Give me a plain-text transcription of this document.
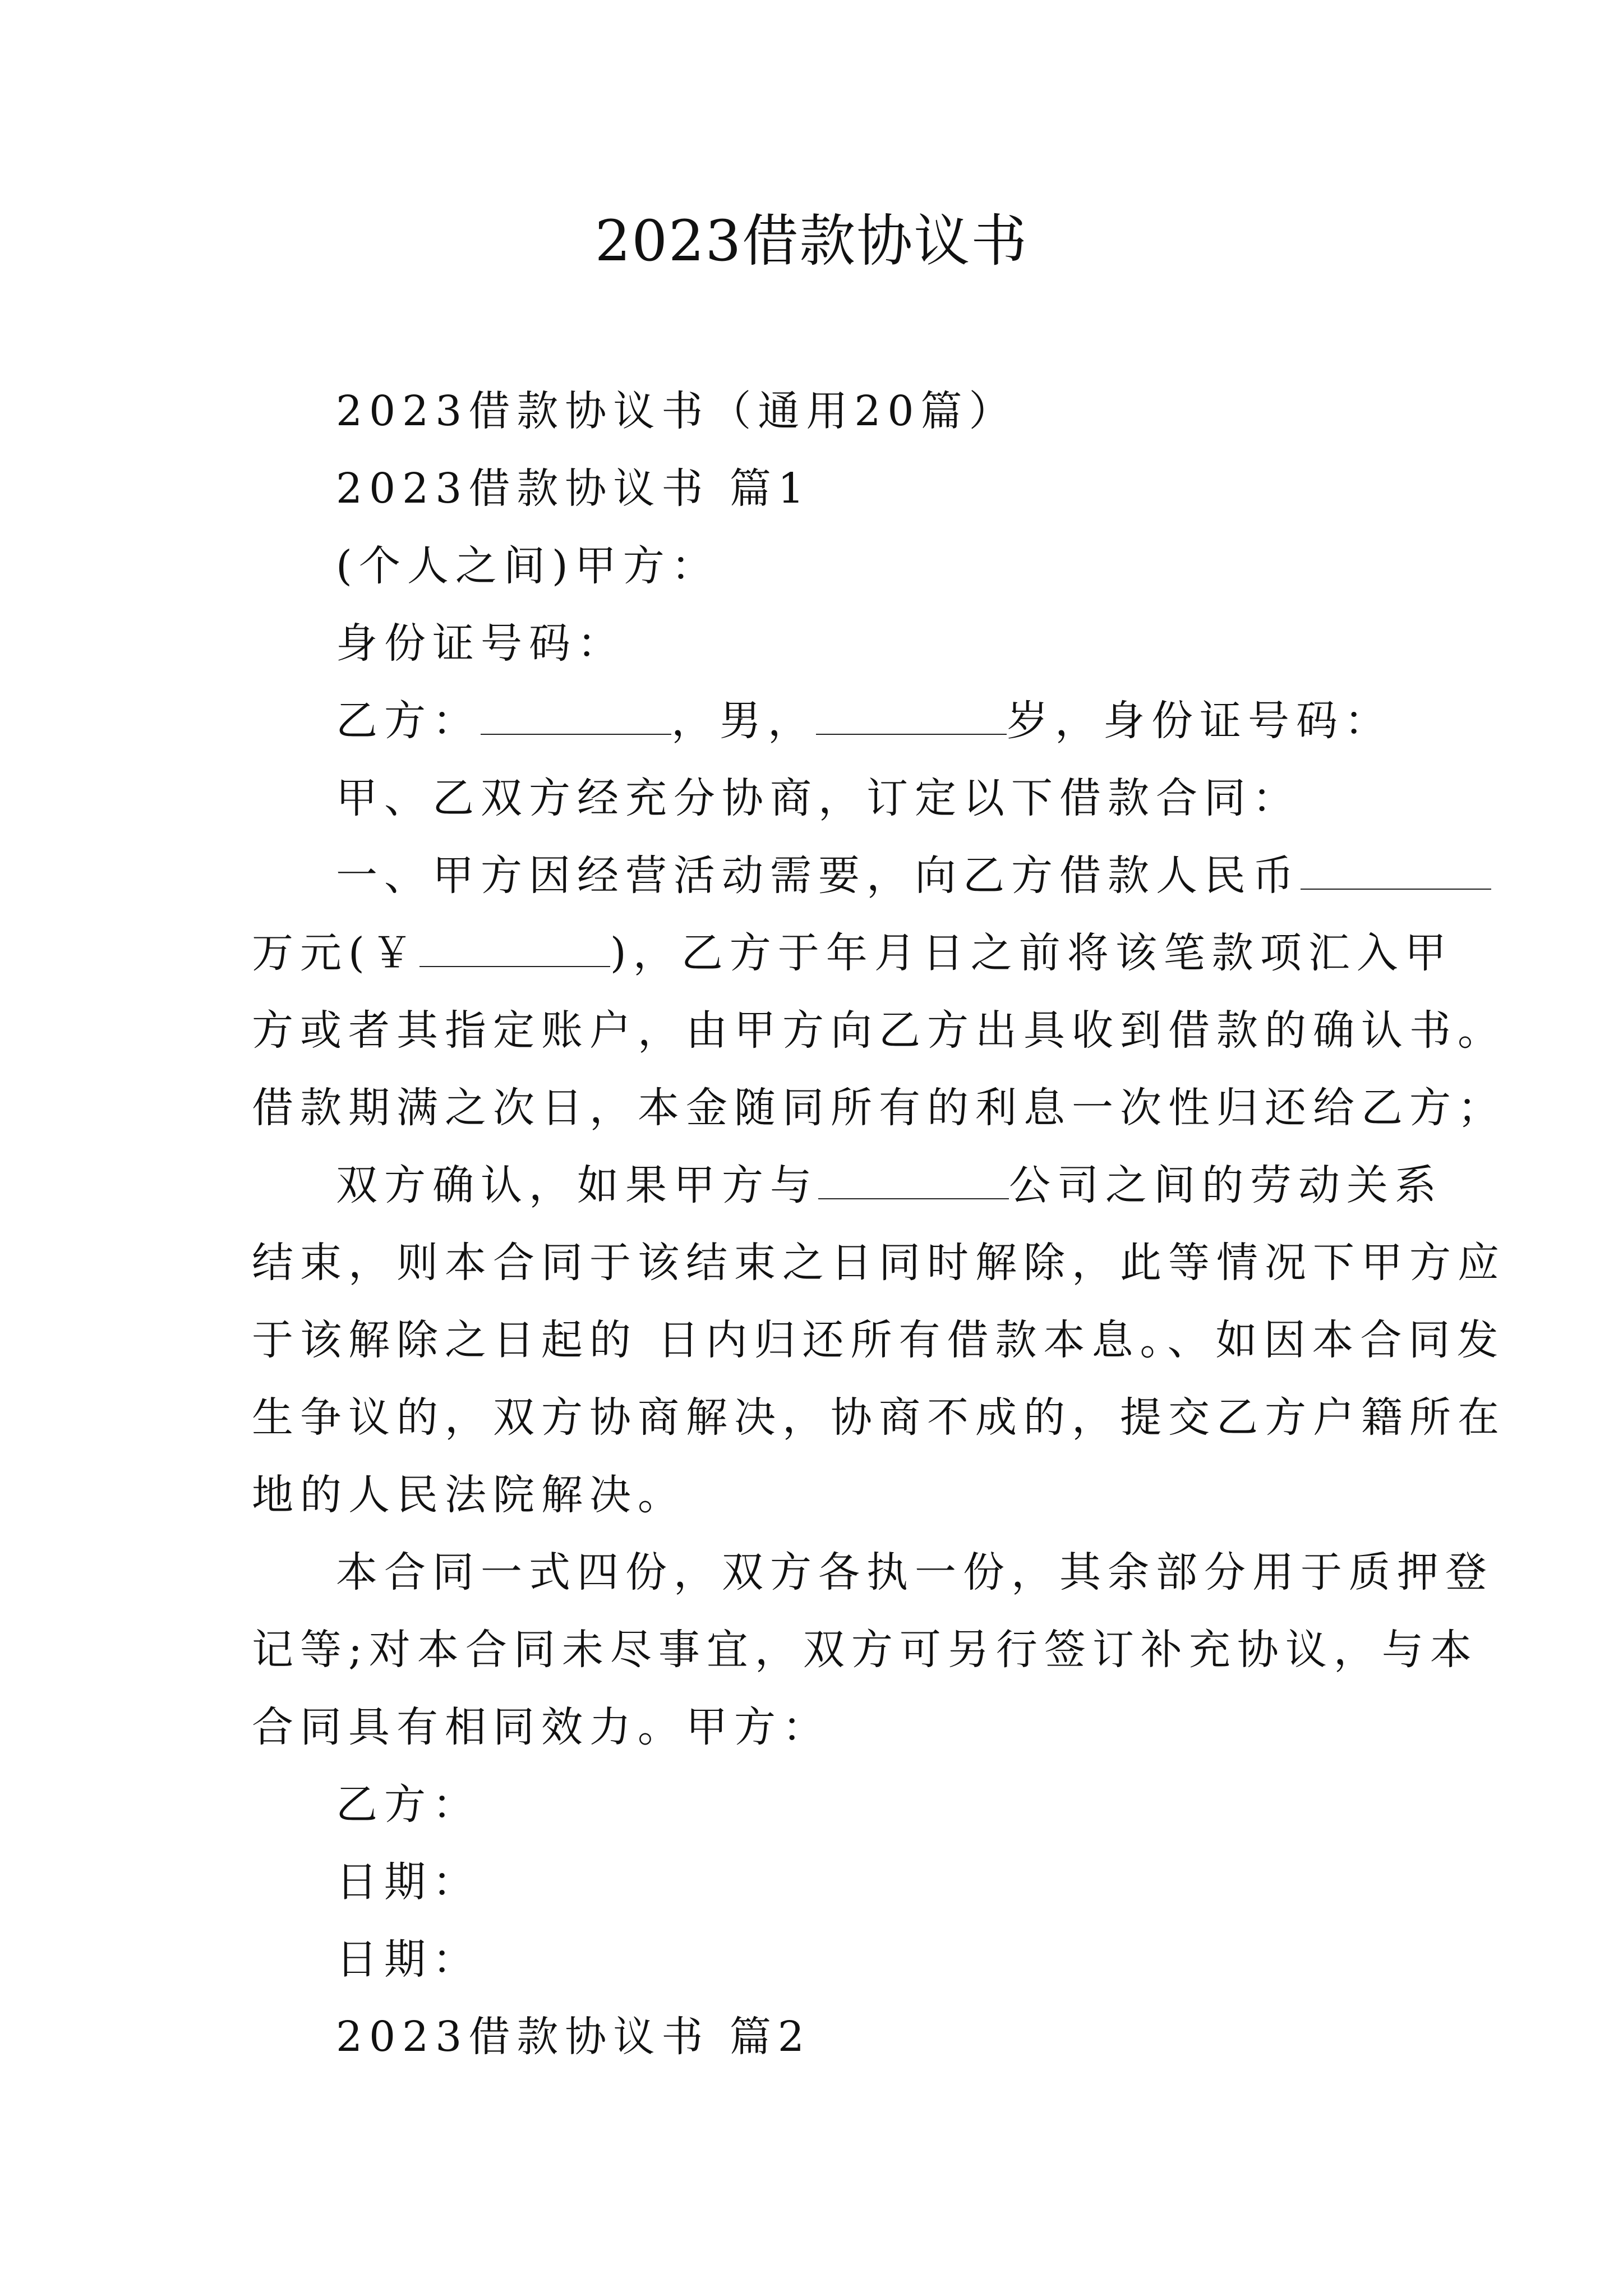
2023借款协议书

2023借款协议书（通用20篇）

2023借款协议书 篇1

(个人之间)甲方：

身份证号码：

乙方：	，男，	岁，身份证号码：

甲、乙双方经充分协商，订定以下借款合同：

一、甲方因经营活动需要，向乙方借款人民币

万元(￥	)，乙方于年月日之前将该笔款项汇入甲

方或者其指定账户，由甲方向乙方出具收到借款的确认书。

借款期满之次日，本金随同所有的利息一次性归还给乙方；

双方确认，如果甲方与	公司之间的劳动关系

结束，则本合同于该结束之日同时解除，此等情况下甲方应

于该解除之日起的 日内归还所有借款本息。、如因本合同发

生争议的，双方协商解决，协商不成的，提交乙方户籍所在

地的人民法院解决。

本合同一式四份，双方各执一份，其余部分用于质押登

记等;对本合同未尽事宜，双方可另行签订补充协议，与本

合同具有相同效力。甲方：

乙方：

日期：

日期：

2023借款协议书 篇2
